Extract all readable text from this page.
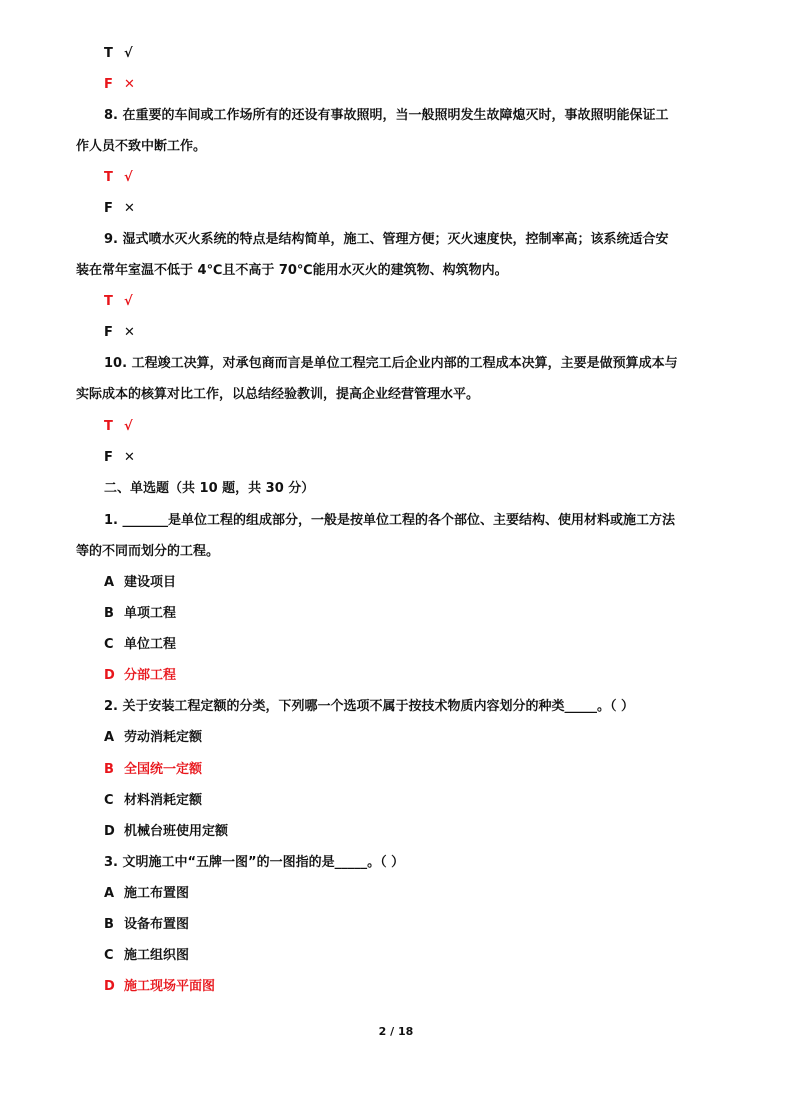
T √
F ✕
8. 在重要的车间或工作场所有的还设有事故照明，当一般照明发生故障熄灭时，事故照明能保证工
作人员不致中断工作。
T √
F ✕
9. 湿式喷水灭火系统的特点是结构简单，施工、管理方便；灭火速度快，控制率高；该系统适合安
装在常年室温不低于 4℃且不高于 70℃能用水灭火的建筑物、构筑物内。
T √
F ✕
10. 工程竣工决算，对承包商而言是单位工程完工后企业内部的工程成本决算，主要是做预算成本与
实际成本的核算对比工作，以总结经验教训，提高企业经营管理水平。
T √
F ✕
二、单选题（共 10 题，共 30 分）
1. _______是单位工程的组成部分，一般是按单位工程的各个部位、主要结构、使用材料或施工方法
等的不同而划分的工程。
A 建设项目
B 单项工程
C 单位工程
D 分部工程
2. 关于安装工程定额的分类，下列哪一个选项不属于按技术物质内容划分的种类_____。（ ）
A 劳动消耗定额
B 全国统一定额
C 材料消耗定额
D 机械台班使用定额
3. 文明施工中“五牌一图”的一图指的是_____。（ ）
A 施工布置图
B 设备布置图
C 施工组织图
D 施工现场平面图
2 / 18
